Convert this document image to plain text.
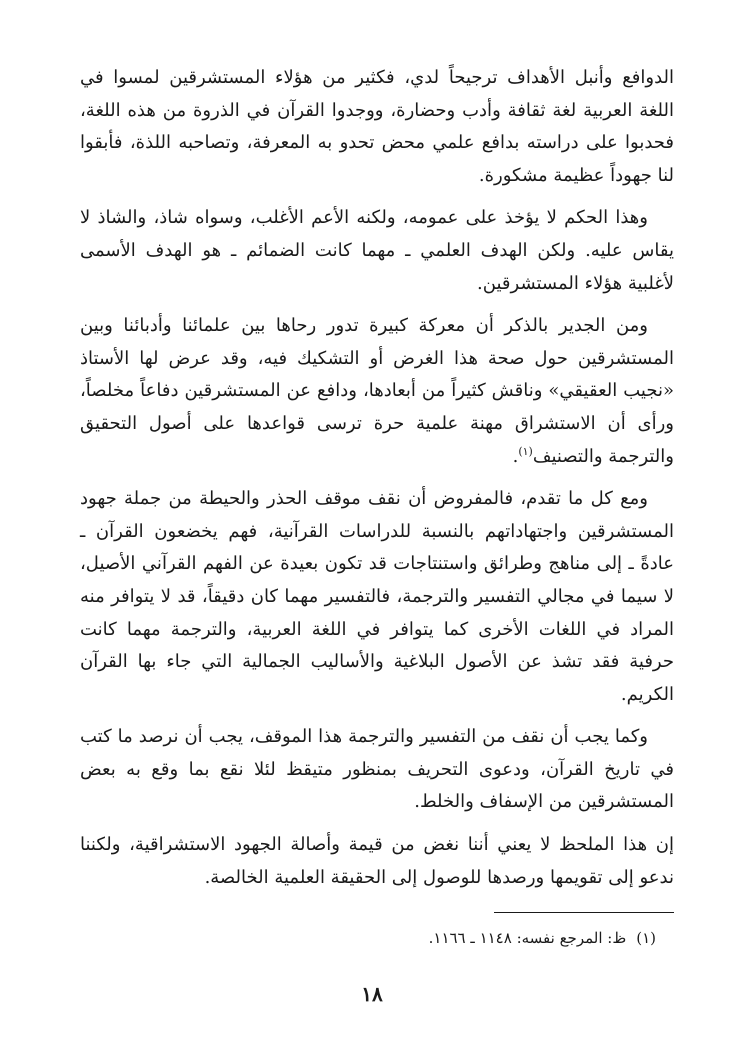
الدوافع وأنبل الأهداف ترجيحاً لدي، فكثير من هؤلاء المستشرقين لمسوا في اللغة العربية لغة ثقافة وأدب وحضارة، ووجدوا القرآن في الذروة من هذه اللغة، فحدبوا على دراسته بدافع علمي محض تحدو به المعرفة، وتصاحبه اللذة، فأبقوا لنا جهوداً عظيمة مشكورة.

وهذا الحكم لا يؤخذ على عمومه، ولكنه الأعم الأغلب، وسواه شاذ، والشاذ لا يقاس عليه. ولكن الهدف العلمي ـ مهما كانت الضمائم ـ هو الهدف الأسمى لأغلبية هؤلاء المستشرقين.

ومن الجدير بالذكر أن معركة كبيرة تدور رحاها بين علمائنا وأدبائنا وبين المستشرقين حول صحة هذا الغرض أو التشكيك فيه، وقد عرض لها الأستاذ «نجيب العقيقي» وناقش كثيراً من أبعادها، ودافع عن المستشرقين دفاعاً مخلصاً، ورأى أن الاستشراق مهنة علمية حرة ترسى قواعدها على أصول التحقيق والترجمة والتصنيف$^{(١)}$.

ومع كل ما تقدم، فالمفروض أن نقف موقف الحذر والحيطة من جملة جهود المستشرقين واجتهاداتهم بالنسبة للدراسات القرآنية، فهم يخضعون القرآن ـ عادةً ـ إلى مناهج وطرائق واستنتاجات قد تكون بعيدة عن الفهم القرآني الأصيل، لا سيما في مجالي التفسير والترجمة، فالتفسير مهما كان دقيقاً، قد لا يتوافر منه المراد في اللغات الأخرى كما يتوافر في اللغة العربية، والترجمة مهما كانت حرفية فقد تشذ عن الأصول البلاغية والأساليب الجمالية التي جاء بها القرآن الكريم.

وكما يجب أن نقف من التفسير والترجمة هذا الموقف، يجب أن نرصد ما كتب في تاريخ القرآن، ودعوى التحريف بمنظور متيقظ لئلا نقع بما وقع به بعض المستشرقين من الإسفاف والخلط.

إن هذا الملحظ لا يعني أننا نغض من قيمة وأصالة الجهود الاستشراقية، ولكننا ندعو إلى تقويمها ورصدها للوصول إلى الحقيقة العلمية الخالصة.

(١)ظ: المرجع نفسه: ١١٤٨ ـ ١١٦٦.
١٨
